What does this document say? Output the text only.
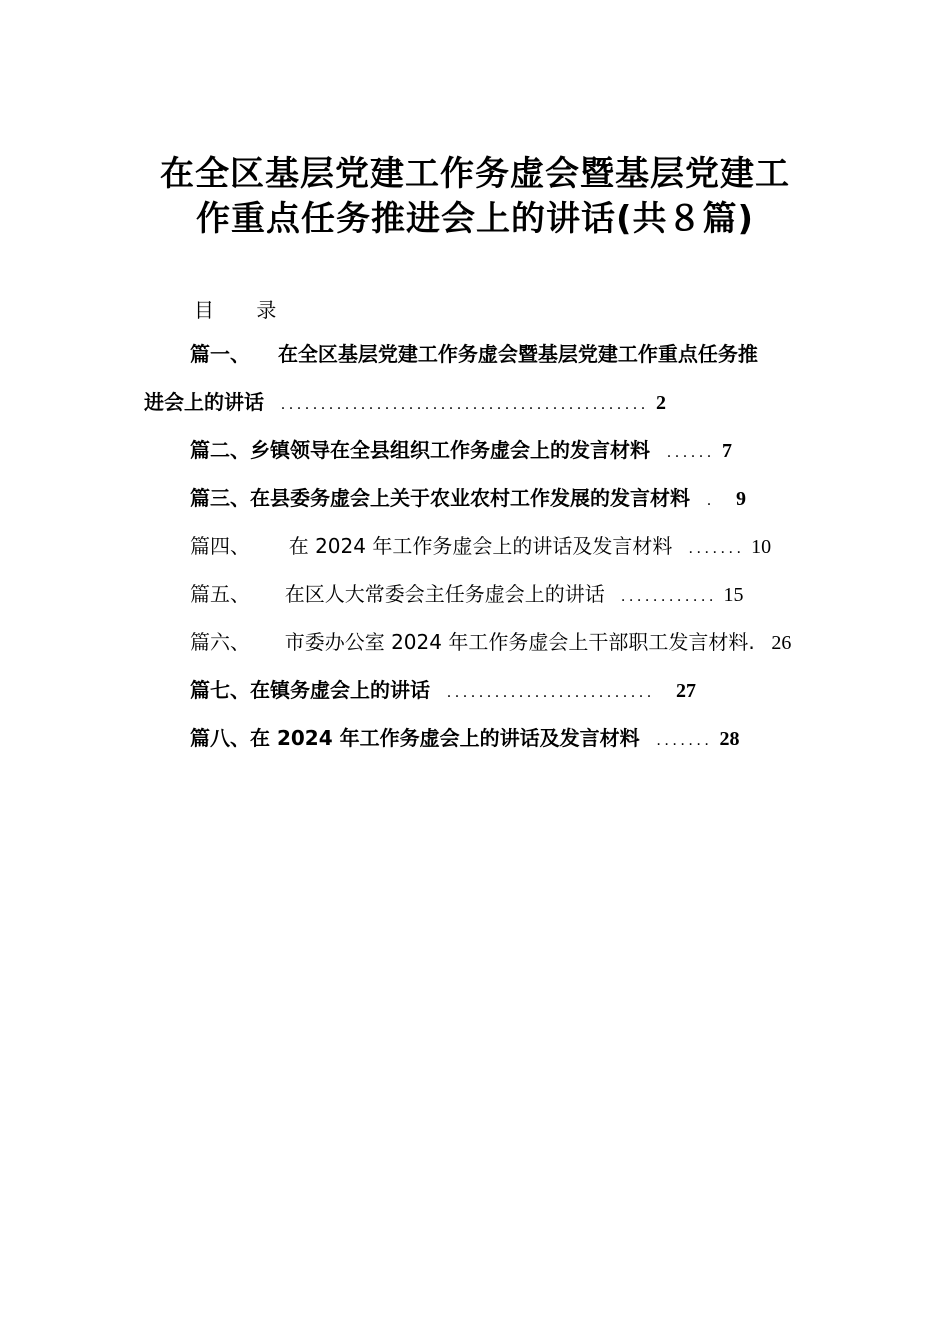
在全区基层党建工作务虚会暨基层党建工
作重点任务推进会上的讲话(共８篇)
目 录
篇一、 在全区基层党建工作务虚会暨基层党建工作重点任务推
进会上的讲话 .............................................. 2
篇二、乡镇领导在全县组织工作务虚会上的发言材料 ...... 7
篇三、在县委务虚会上关于农业农村工作发展的发言材料 . 9
篇四、 在 2024 年工作务虚会上的讲话及发言材料 ....... 10
篇五、 在区人大常委会主任务虚会上的讲话 ............ 15
篇六、 市委办公室 2024 年工作务虚会上干部职工发言材料. 26
篇七、在镇务虚会上的讲话 .......................... 27
篇八、在 2024 年工作务虚会上的讲话及发言材料 ....... 28
